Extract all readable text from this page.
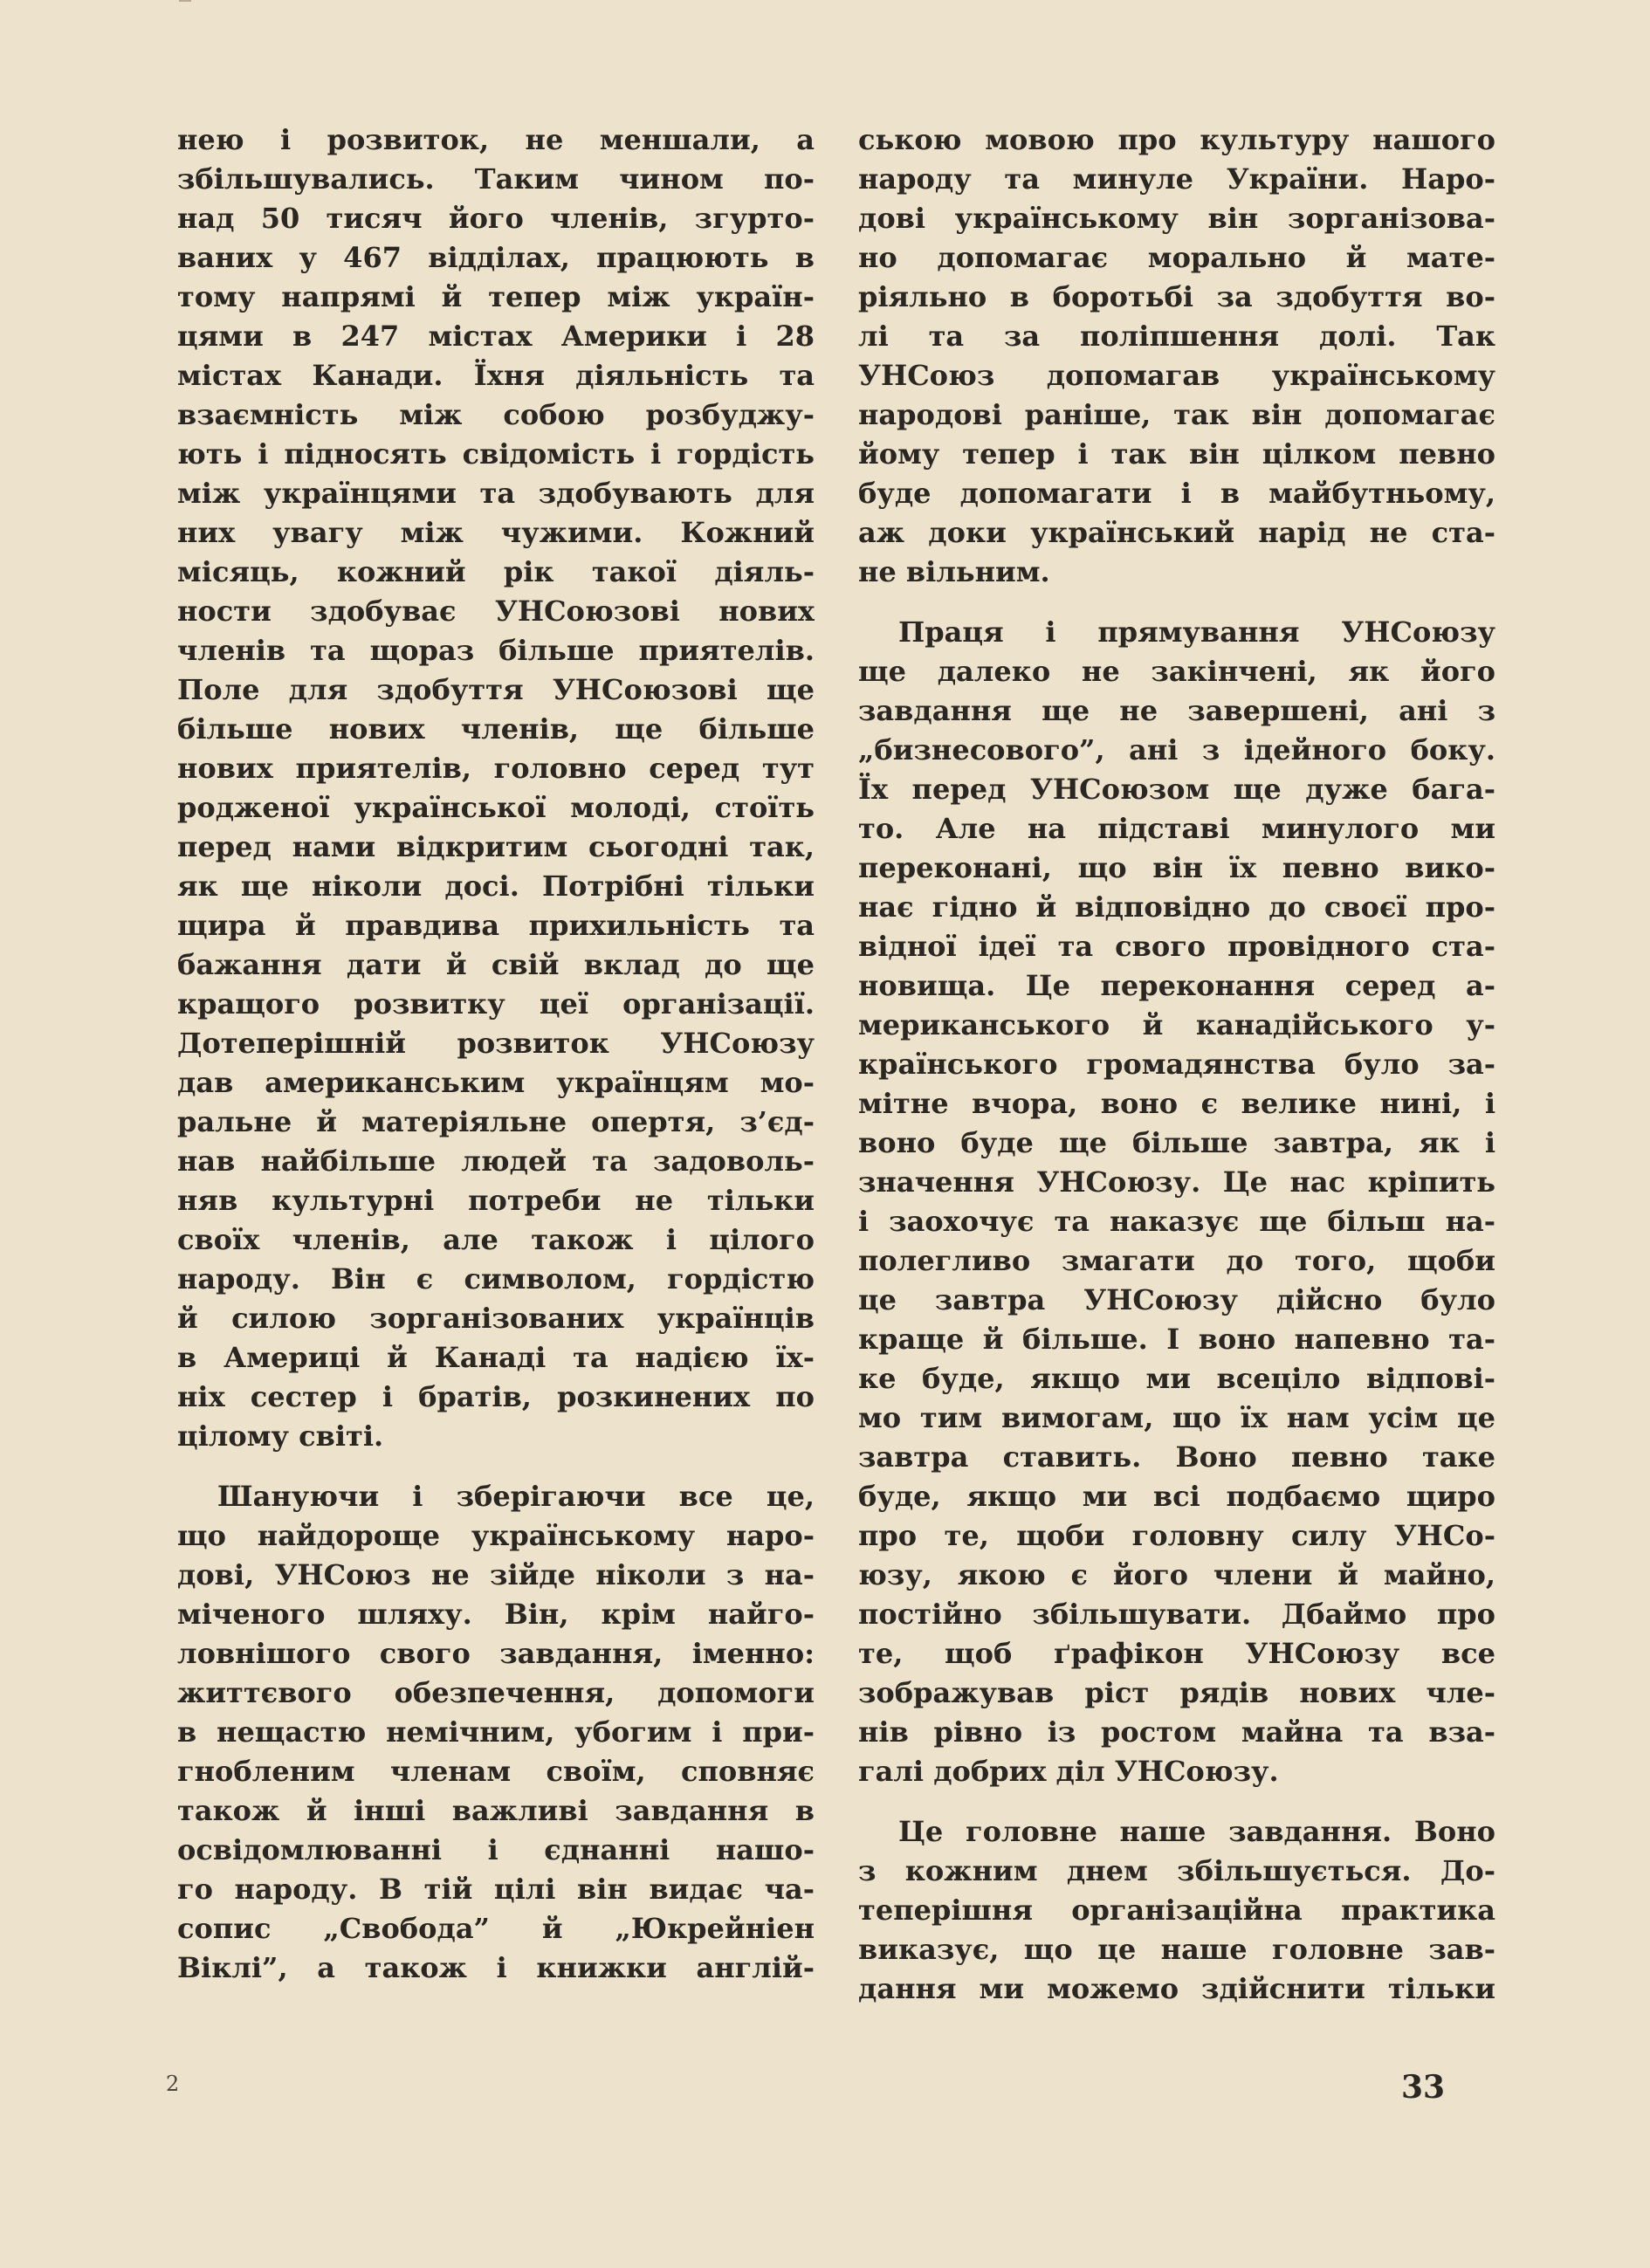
нею і розвиток, не меншали, а
збільшувались. Таким чином по-
над 50 тисяч його членів, згурто-
ваних у 467 відділах, працюють в
тому напрямі й тепер між україн-
цями в 247 містах Америки і 28
містах Канади. Їхня діяльність та
взаємність між собою розбуджу-
ють і підносять свідомість і гордість
між українцями та здобувають для
них увагу між чужими. Кожний
місяць, кожний рік такої діяль-
ности здобуває УНСоюзові нових
членів та щораз більше приятелів.
Поле для здобуття УНСоюзові ще
більше нових членів, ще більше
нових приятелів, головно серед тут
родженої української молоді, стоїть
перед нами відкритим сьогодні так,
як ще ніколи досі. Потрібні тільки
щира й правдива прихильність та
бажання дати й свій вклад до ще
кращого розвитку цеї організації.
Дотеперішній розвиток УНСоюзу
дав американським українцям мо-
ральне й матеріяльне опертя, з’єд-
нав найбільше людей та задоволь-
няв культурні потреби не тільки
своїх членів, але також і цілого
народу. Він є символом, гордістю
й силою зорганізованих українців
в Америці й Канаді та надією їх-
ніх сестер і братів, розкинених по
цілому світі.
Шануючи і зберігаючи все це,
що найдороще українському наро-
дові, УНСоюз не зійде ніколи з на-
міченого шляху. Він, крім найго-
ловнішого свого завдання, іменно:
життєвого обезпечення, допомоги
в нещастю немічним, убогим і при-
гнобленим членам своїм, сповняє
також й інші важливі завдання в
освідомлюванні і єднанні нашо-
го народу. В тій цілі він видає ча-
сопис „Свобода” й „Юкрейніен
Віклі”, а також і книжки англій-
ською мовою про культуру нашого
народу та минуле України. Наро-
дові українському він зорганізова-
но допомагає морально й мате-
ріяльно в боротьбі за здобуття во-
лі та за поліпшення долі. Так
УНСоюз допомагав українському
народові раніше, так він допомагає
йому тепер і так він цілком певно
буде допомагати і в майбутньому,
аж доки український нарід не ста-
не вільним.
Праця і прямування УНСоюзу
ще далеко не закінчені, як його
завдання ще не завершені, ані з
„бизнесового”, ані з ідейного боку.
Їх перед УНСоюзом ще дуже бага-
то. Але на підставі минулого ми
переконані, що він їх певно вико-
нає гідно й відповідно до своєї про-
відної ідеї та свого провідного ста-
новища. Це переконання серед а-
мериканського й канадійського у-
країнського громадянства було за-
мітне вчора, воно є велике нині, і
воно буде ще більше завтра, як і
значення УНСоюзу. Це нас кріпить
і заохочує та наказує ще більш на-
полегливо змагати до того, щоби
це завтра УНСоюзу дійсно було
краще й більше. І воно напевно та-
ке буде, якщо ми всеціло відпові-
мо тим вимогам, що їх нам усім це
завтра ставить. Воно певно таке
буде, якщо ми всі подбаємо щиро
про те, щоби головну силу УНСо-
юзу, якою є його члени й майно,
постійно збільшувати. Дбаймо про
те, щоб ґрафікон УНСоюзу все
зображував ріст рядів нових чле-
нів рівно із ростом майна та вза-
галі добрих діл УНСоюзу.
Це головне наше завдання. Воно
з кожним днем збільшується. До-
теперішня організаційна практика
виказує, що це наше головне зав-
дання ми можемо здійснити тільки
2	33
